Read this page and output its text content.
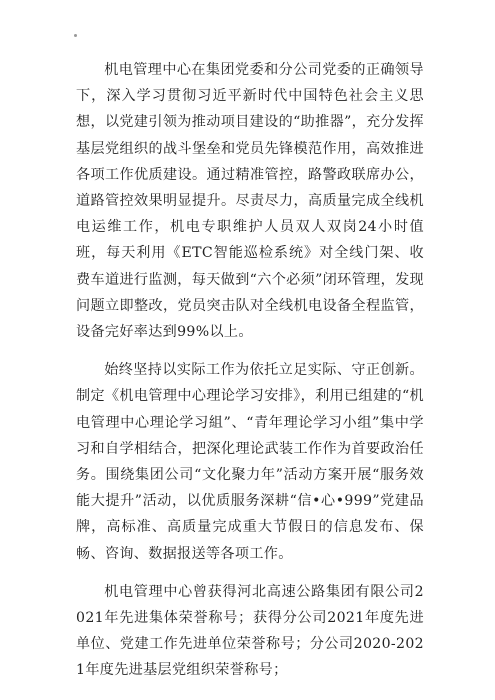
机电管理中心在集团党委和分公司党委的正确领导下，深入学习贯彻习近平新时代中国特色社会主义思想，以党建引领为推动项目建设的“助推器”，充分发挥基层党组织的战斗堡垒和党员先锋模范作用，高效推进各项工作优质建设。通过精准管控，路警政联席办公，道路管控效果明显提升。尽责尽力，高质量完成全线机电运维工作，机电专职维护人员双人双岗24小时值班，每天利用《ETC智能巡检系统》对全线门架、收费车道进行监测，每天做到“六个必须”闭环管理，发现问题立即整改，党员突击队对全线机电设备全程监管，设备完好率达到99%以上。

始终坚持以实际工作为依托立足实际、守正创新。制定《机电管理中心理论学习安排》，利用已组建的“机电管理中心理论学习組”、“青年理论学习小组”集中学习和自学相结合，把深化理论武装工作作为首要政治任务。围绕集团公司“文化聚力年”活动方案开展“服务效能大提升”活动，以优质服务深耕“信•心•999”党建品牌，高标准、高质量完成重大节假日的信息发布、保畅、咨询、数据报送等各项工作。

机电管理中心曾获得河北高速公路集团有限公司2021年先进集体荣誉称号；获得分公司2021年度先进单位、党建工作先进单位荣誉称号；分公司2020-2021年度先进基层党组织荣誉称号；
